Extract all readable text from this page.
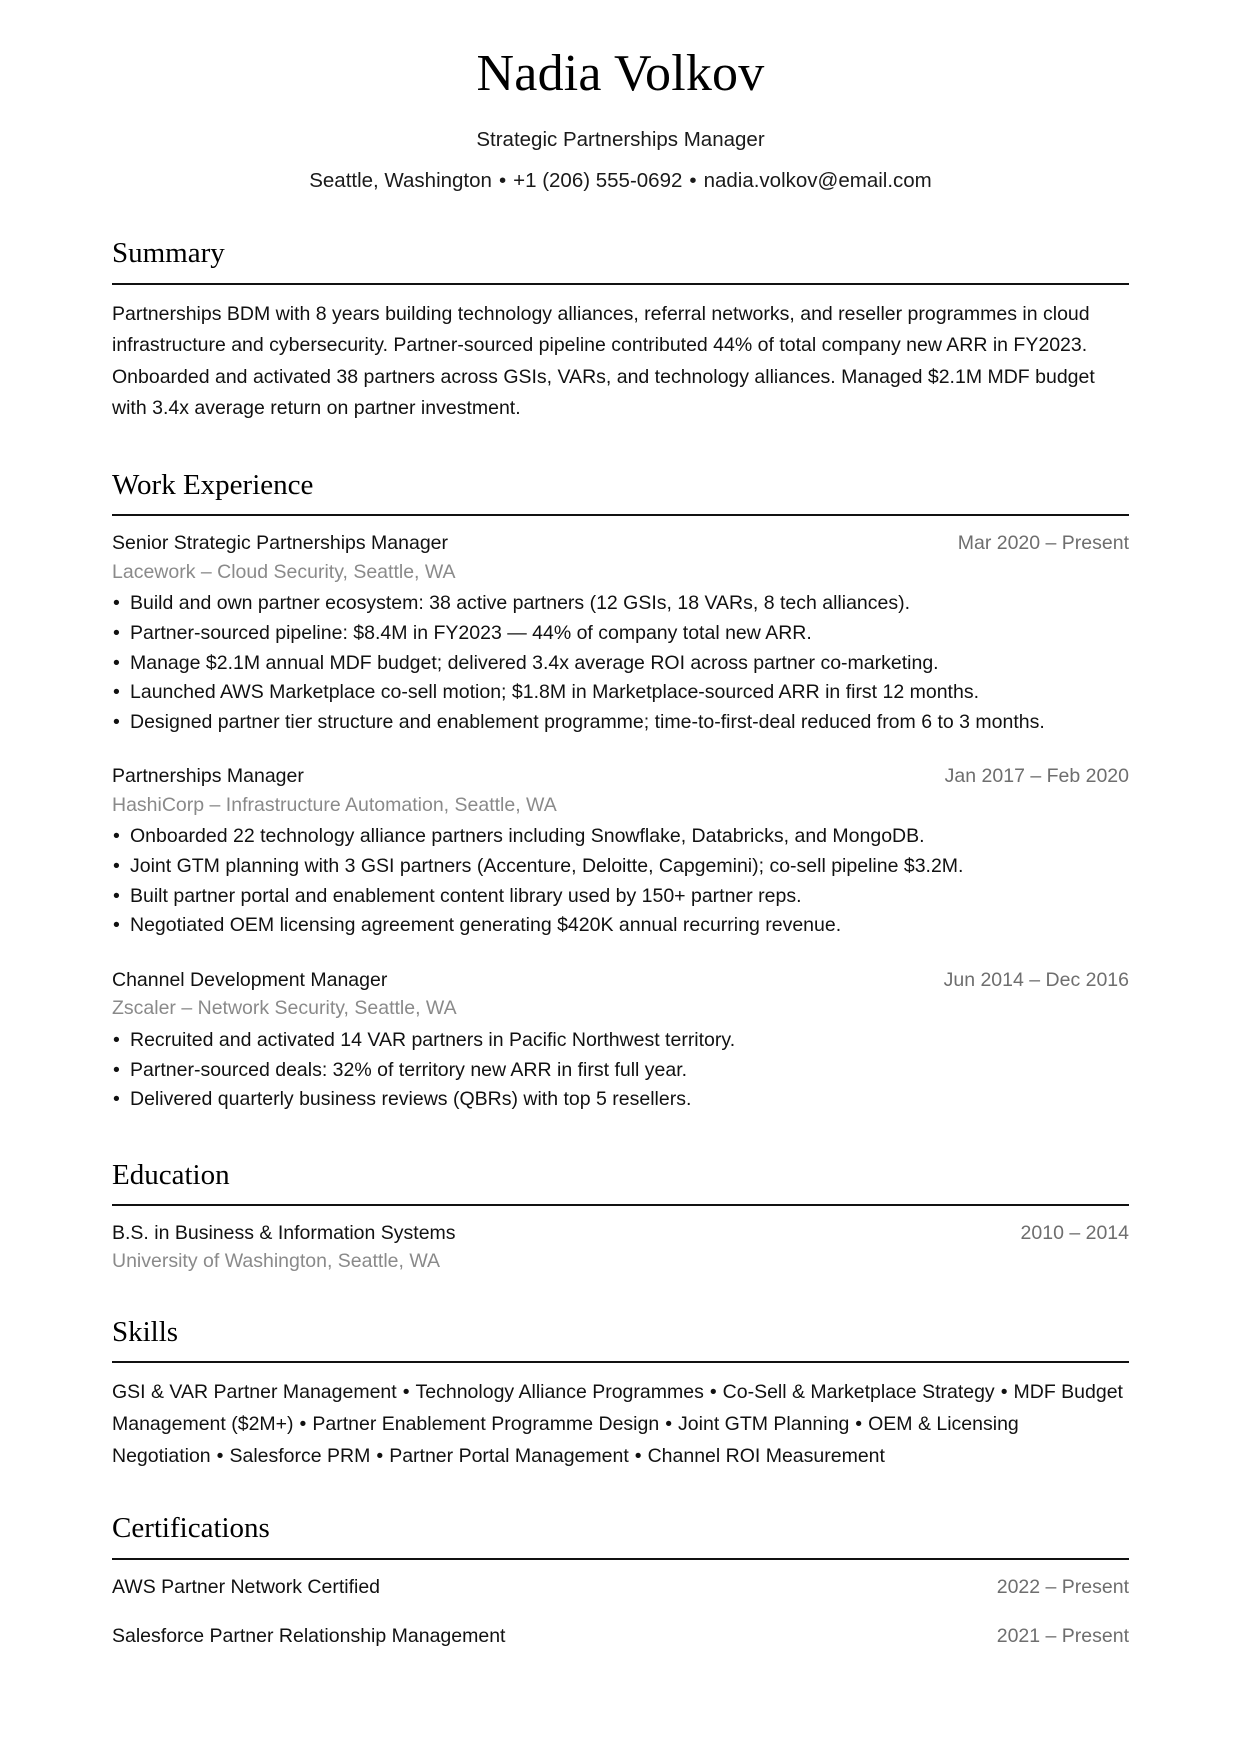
Nadia Volkov
Strategic Partnerships Manager
Seattle, Washington • +1 (206) 555-0692 • nadia.volkov@email.com
Summary

Partnerships BDM with 8 years building technology alliances, referral networks, and reseller programmes in cloud infrastructure and cybersecurity. Partner-sourced pipeline contributed 44% of total company new ARR in FY2023. Onboarded and activated 38 partners across GSIs, VARs, and technology alliances. Managed $2.1M MDF budget with 3.4x average return on partner investment.

Work Experience
Senior Strategic Partnerships Manager	Mar 2020 – Present
Lacework – Cloud Security, Seattle, WA
• Build and own partner ecosystem: 38 active partners (12 GSIs, 18 VARs, 8 tech alliances).
• Partner-sourced pipeline: $8.4M in FY2023 — 44% of company total new ARR.
• Manage $2.1M annual MDF budget; delivered 3.4x average ROI across partner co-marketing.
• Launched AWS Marketplace co-sell motion; $1.8M in Marketplace-sourced ARR in first 12 months.
• Designed partner tier structure and enablement programme; time-to-first-deal reduced from 6 to 3 months.
Partnerships Manager	Jan 2017 – Feb 2020
HashiCorp – Infrastructure Automation, Seattle, WA
• Onboarded 22 technology alliance partners including Snowflake, Databricks, and MongoDB.
• Joint GTM planning with 3 GSI partners (Accenture, Deloitte, Capgemini); co-sell pipeline $3.2M.
• Built partner portal and enablement content library used by 150+ partner reps.
• Negotiated OEM licensing agreement generating $420K annual recurring revenue.
Channel Development Manager	Jun 2014 – Dec 2016
Zscaler – Network Security, Seattle, WA
• Recruited and activated 14 VAR partners in Pacific Northwest territory.
• Partner-sourced deals: 32% of territory new ARR in first full year.
• Delivered quarterly business reviews (QBRs) with top 5 resellers.
Education
B.S. in Business & Information Systems	2010 – 2014
University of Washington, Seattle, WA
Skills

GSI & VAR Partner Management • Technology Alliance Programmes • Co-Sell & Marketplace Strategy • MDF Budget Management ($2M+) • Partner Enablement Programme Design • Joint GTM Planning • OEM & Licensing Negotiation • Salesforce PRM • Partner Portal Management • Channel ROI Measurement

Certifications
AWS Partner Network Certified	2022 – Present
Salesforce Partner Relationship Management	2021 – Present
